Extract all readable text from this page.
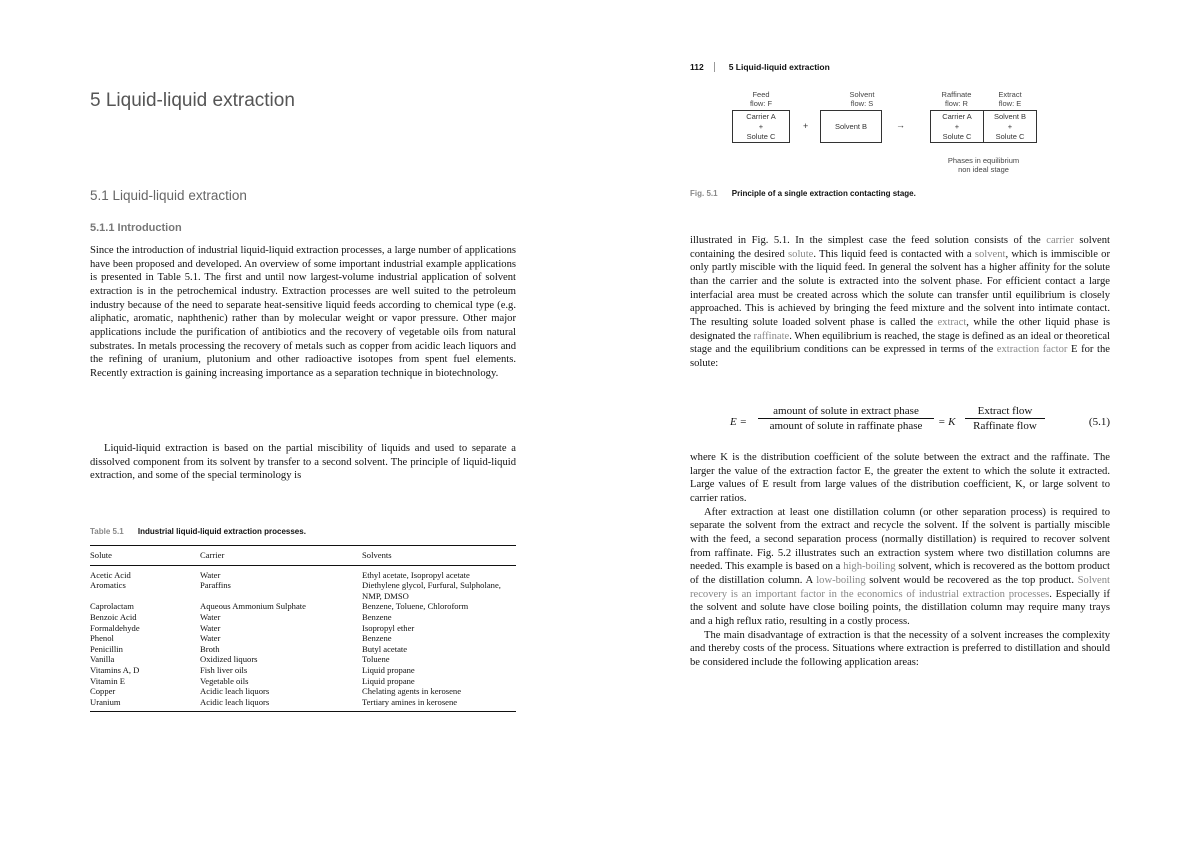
5 Liquid-liquid extraction
5.1 Liquid-liquid extraction
5.1.1 Introduction

Since the introduction of industrial liquid-liquid extraction processes, a large number of applications have been proposed and developed. An overview of some important industrial example applications is presented in Table 5.1. The first and until now largest-volume industrial application of solvent extraction is in the petrochemical industry. Extraction processes are well suited to the petroleum industry because of the need to separate heat-sensitive liquid feeds according to chemical type (e.g. aliphatic, aromatic, naphthenic) rather than by molecular weight or vapor pressure. Other major applications include the purification of antibiotics and the recovery of vegetable oils from natural substrates. In metals processing the recovery of metals such as copper from acidic leach liquors and the refining of uranium, plutonium and other radioactive isotopes from spent fuel elements. Recently extraction is gaining increasing importance as a separation technique in biotechnology.

Liquid-liquid extraction is based on the partial miscibility of liquids and used to separate a dissolved component from its solvent by transfer to a second solvent. The principle of liquid-liquid extraction, and some of the special terminology is

Table 5.1 Industrial liquid-liquid extraction processes.

Solute	Carrier	Solvents
Acetic Acid	Water	Ethyl acetate, Isopropyl acetate
Aromatics	Paraffins	Diethylene glycol, Furfural, Sulpholane, NMP, DMSO
Caprolactam	Aqueous Ammonium Sulphate	Benzene, Toluene, Chloroform
Benzoic Acid	Water	Benzene
Formaldehyde	Water	Isopropyl ether
Phenol	Water	Benzene
Penicillin	Broth	Butyl acetate
Vanilla	Oxidized liquors	Toluene
Vitamins A, D	Fish liver oils	Liquid propane
Vitamin E	Vegetable oils	Liquid propane
Copper	Acidic leach liquors	Chelating agents in kerosene
Uranium	Acidic leach liquors	Tertiary amines in kerosene
112	5 Liquid-liquid extraction
Feed
flow: F
Solvent
flow: S
Raffinate
flow: R
Extract
flow: E
Carrier A
+
Solute C
+	Solvent B	→
Carrier A
+
Solute C
Solvent B
+
Solute C
Phases in equilibrium
non ideal stage

Fig. 5.1 Principle of a single extraction contacting stage.

illustrated in Fig. 5.1. In the simplest case the feed solution consists of the carrier solvent containing the desired solute. This liquid feed is contacted with a solvent, which is immiscible or only partly miscible with the liquid feed. In general the solvent has a higher affinity for the solute than the carrier and the solute is extracted into the solvent phase. For efficient contact a large interfacial area must be created across which the solute can transfer until equilibrium is closely approached. This is achieved by bringing the feed mixture and the solvent into intimate contact. The resulting solute loaded solvent phase is called the extract, while the other liquid phase is designated the raffinate. When equilibrium is reached, the stage is defined as an ideal or theoretical stage and the equilibrium conditions can be expressed in terms of the extraction factor E for the solute:

E =
amount of solute in extract phase
amount of solute in raffinate phase	= K
Extract flow
Raffinate flow	(5.1)

where K is the distribution coefficient of the solute between the extract and the raffinate. The larger the value of the extraction factor E, the greater the extent to which the solute it extracted. Large values of E result from large values of the distribution coefficient, K, or large solvent to carrier ratios.

After extraction at least one distillation column (or other separation process) is required to separate the solvent from the extract and recycle the solvent. If the solvent is partially miscible with the feed, a second separation process (normally distillation) is required to recover solvent from raffinate. Fig. 5.2 illustrates such an extraction system where two distillation columns are needed. This example is based on a high-boiling solvent, which is recovered as the bottom product of the distillation column. A low-boiling solvent would be recovered as the top product. Solvent recovery is an important factor in the economics of industrial extraction processes. Especially if the solvent and solute have close boiling points, the distillation column may require many trays and a high reflux ratio, resulting in a costly process.

The main disadvantage of extraction is that the necessity of a solvent increases the complexity and thereby costs of the process. Situations where extraction is preferred to distillation and should be considered include the following application areas:
